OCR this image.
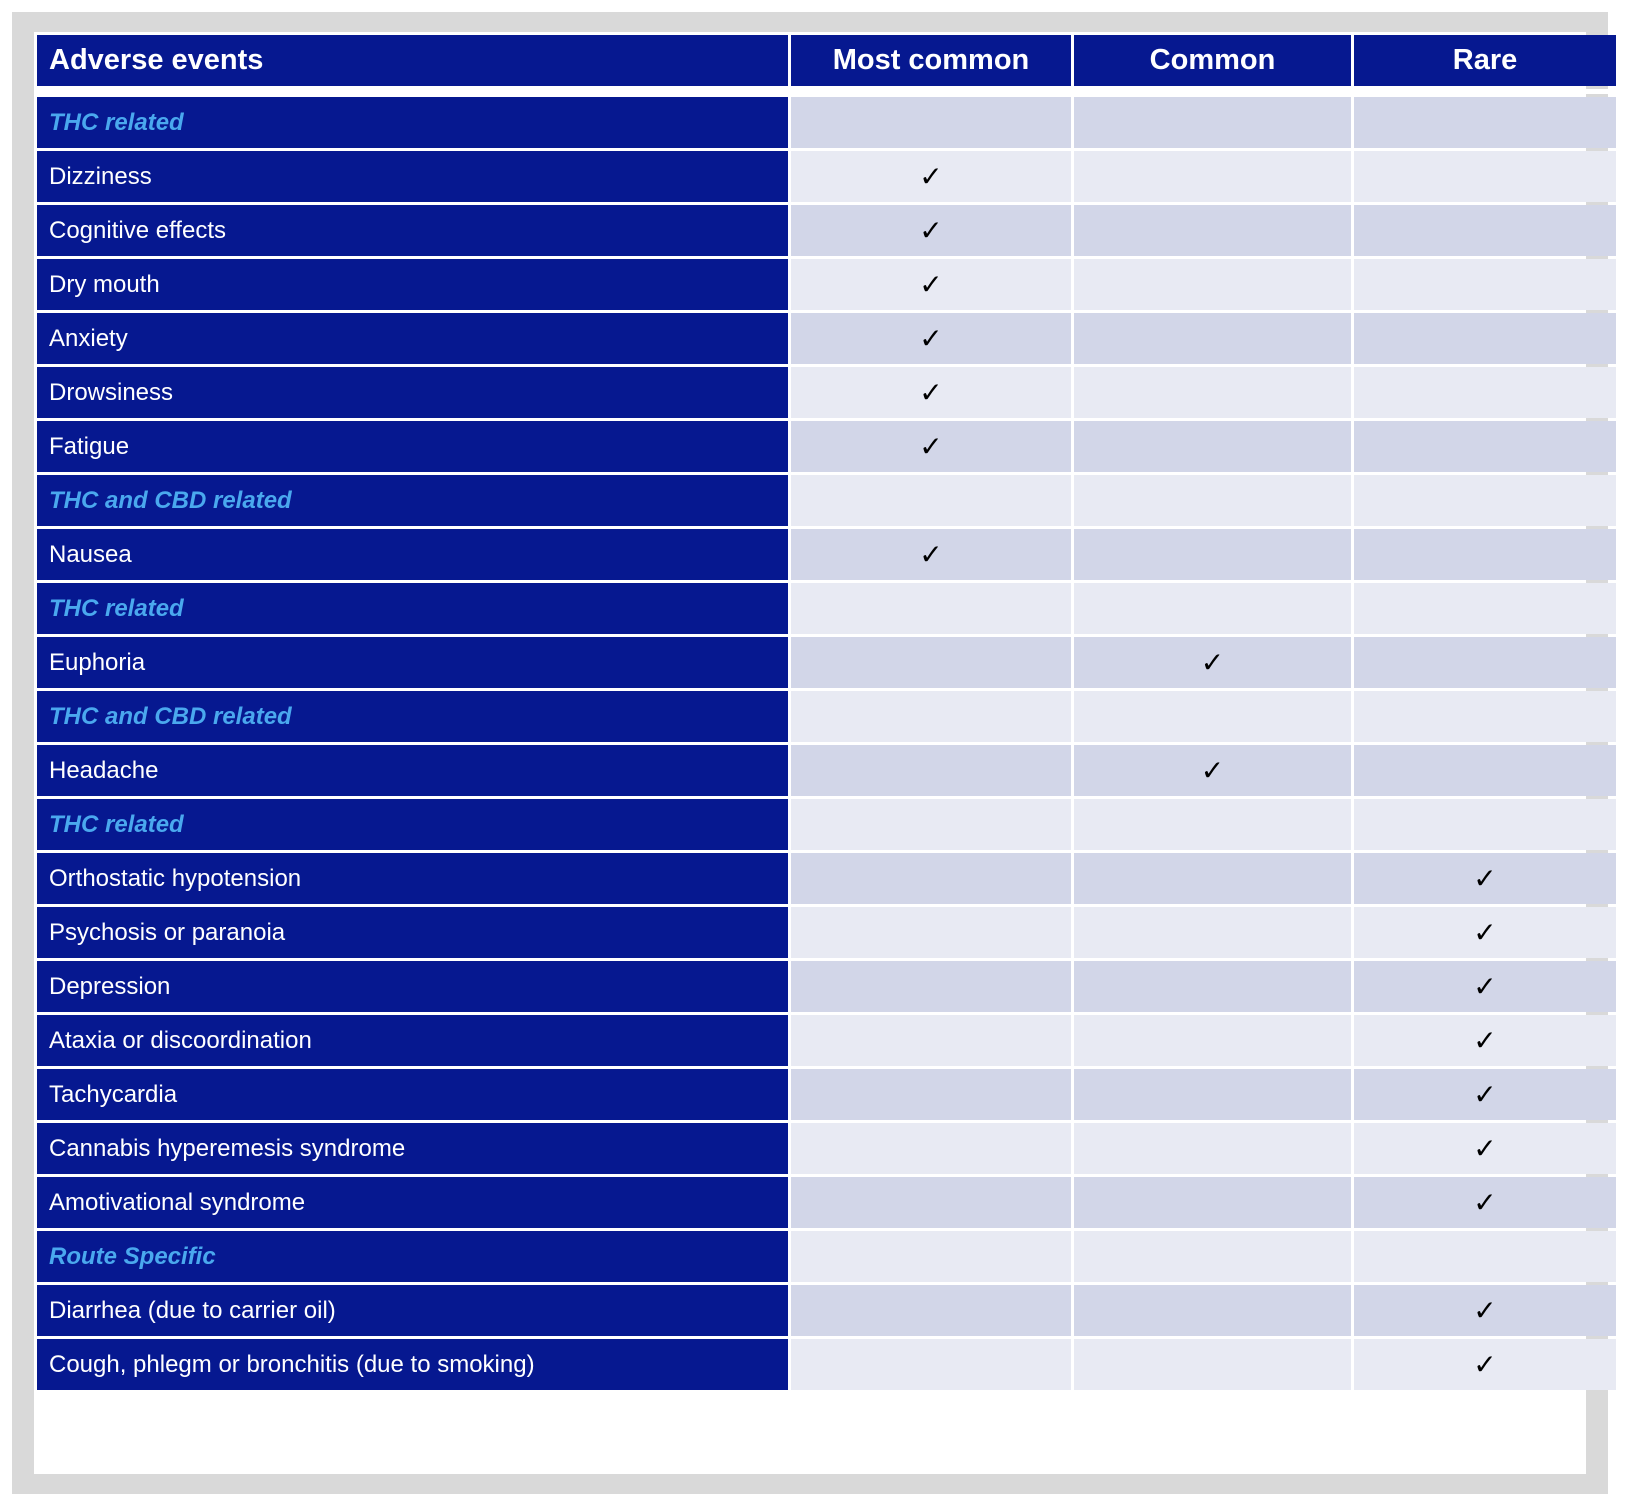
Adverse events	Most common	Common	Rare

THC related			
Dizziness	✓		
Cognitive effects	✓		
Dry mouth	✓		
Anxiety	✓		
Drowsiness	✓		
Fatigue	✓		
THC and CBD related			
Nausea	✓		
THC related			
Euphoria		✓	
THC and CBD related			
Headache		✓	
THC related			
Orthostatic hypotension			✓
Psychosis or paranoia			✓
Depression			✓
Ataxia or discoordination			✓
Tachycardia			✓
Cannabis hyperemesis syndrome			✓
Amotivational syndrome			✓
Route Specific			
Diarrhea (due to carrier oil)			✓
Cough, phlegm or bronchitis (due to smoking)			✓
